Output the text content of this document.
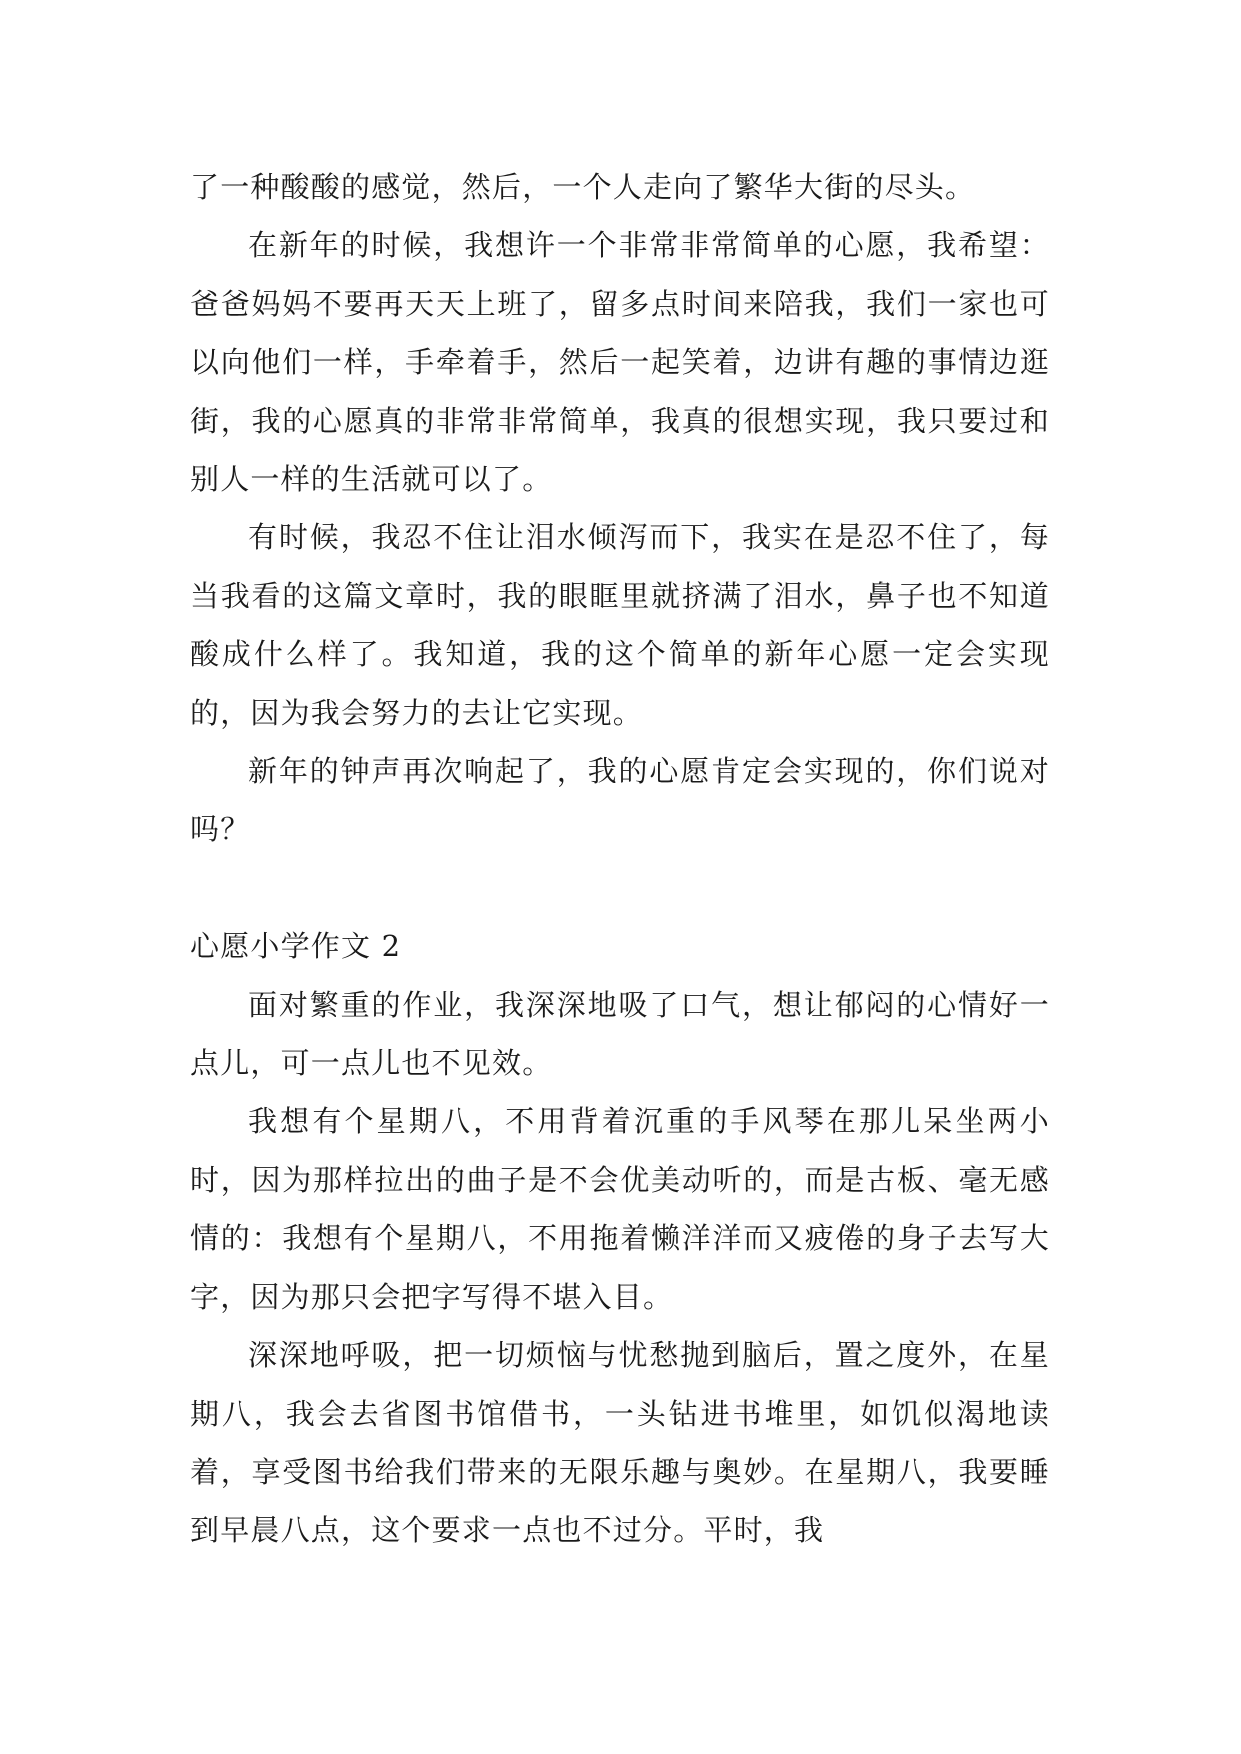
了一种酸酸的感觉，然后，一个人走向了繁华大街的尽头。

在新年的时候，我想许一个非常非常简单的心愿，我希望：爸爸妈妈不要再天天上班了，留多点时间来陪我，我们一家也可以向他们一样，手牵着手，然后一起笑着，边讲有趣的事情边逛街，我的心愿真的非常非常简单，我真的很想实现，我只要过和别人一样的生活就可以了。

有时候，我忍不住让泪水倾泻而下，我实在是忍不住了，每当我看的这篇文章时，我的眼眶里就挤满了泪水，鼻子也不知道酸成什么样了。我知道，我的这个简单的新年心愿一定会实现的，因为我会努力的去让它实现。

新年的钟声再次响起了，我的心愿肯定会实现的，你们说对吗？

心愿小学作文 2

面对繁重的作业，我深深地吸了口气，想让郁闷的心情好一点儿，可一点儿也不见效。

我想有个星期八，不用背着沉重的手风琴在那儿呆坐两小时，因为那样拉出的曲子是不会优美动听的，而是古板、毫无感情的：我想有个星期八，不用拖着懒洋洋而又疲倦的身子去写大字，因为那只会把字写得不堪入目。

深深地呼吸，把一切烦恼与忧愁抛到脑后，置之度外，在星期八，我会去省图书馆借书，一头钻进书堆里，如饥似渴地读着，享受图书给我们带来的无限乐趣与奥妙。在星期八，我要睡到早晨八点，这个要求一点也不过分。平时，我
